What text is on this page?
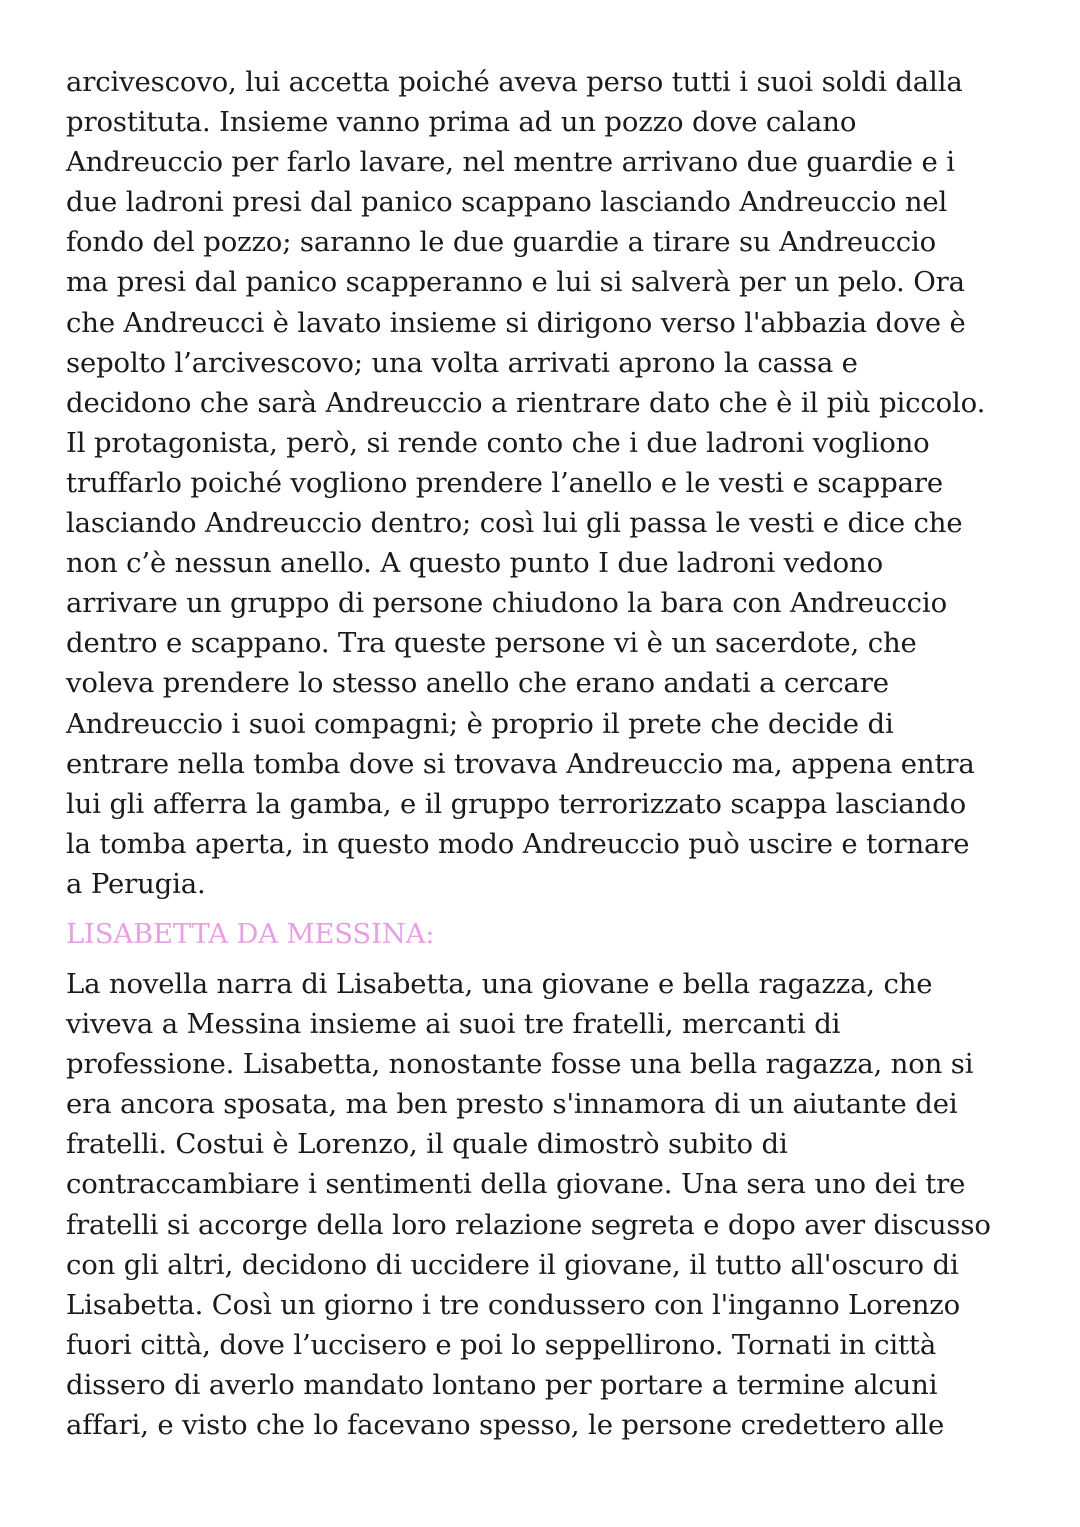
arcivescovo, lui accetta poiché aveva perso tutti i suoi soldi dalla
prostituta. Insieme vanno prima ad un pozzo dove calano
Andreuccio per farlo lavare, nel mentre arrivano due guardie e i
due ladroni presi dal panico scappano lasciando Andreuccio nel
fondo del pozzo; saranno le due guardie a tirare su Andreuccio
ma presi dal panico scapperanno e lui si salverà per un pelo. Ora
che Andreucci è lavato insieme si dirigono verso l'abbazia dove è
sepolto l’arcivescovo; una volta arrivati aprono la cassa e
decidono che sarà Andreuccio a rientrare dato che è il più piccolo.
Il protagonista, però, si rende conto che i due ladroni vogliono
truffarlo poiché vogliono prendere l’anello e le vesti e scappare
lasciando Andreuccio dentro; così lui gli passa le vesti e dice che
non c’è nessun anello. A questo punto I due ladroni vedono
arrivare un gruppo di persone chiudono la bara con Andreuccio
dentro e scappano. Tra queste persone vi è un sacerdote, che
voleva prendere lo stesso anello che erano andati a cercare
Andreuccio i suoi compagni; è proprio il prete che decide di
entrare nella tomba dove si trovava Andreuccio ma, appena entra
lui gli afferra la gamba, e il gruppo terrorizzato scappa lasciando
la tomba aperta, in questo modo Andreuccio può uscire e tornare
a Perugia.
LISABETTA DA MESSINA:
La novella narra di Lisabetta, una giovane e bella ragazza, che
viveva a Messina insieme ai suoi tre fratelli, mercanti di
professione. Lisabetta, nonostante fosse una bella ragazza, non si
era ancora sposata, ma ben presto s'innamora di un aiutante dei
fratelli. Costui è Lorenzo, il quale dimostrò subito di
contraccambiare i sentimenti della giovane. Una sera uno dei tre
fratelli si accorge della loro relazione segreta e dopo aver discusso
con gli altri, decidono di uccidere il giovane, il tutto all'oscuro di
Lisabetta. Così un giorno i tre condussero con l'inganno Lorenzo
fuori città, dove l’uccisero e poi lo seppellirono. Tornati in città
dissero di averlo mandato lontano per portare a termine alcuni
affari, e visto che lo facevano spesso, le persone credettero alle
